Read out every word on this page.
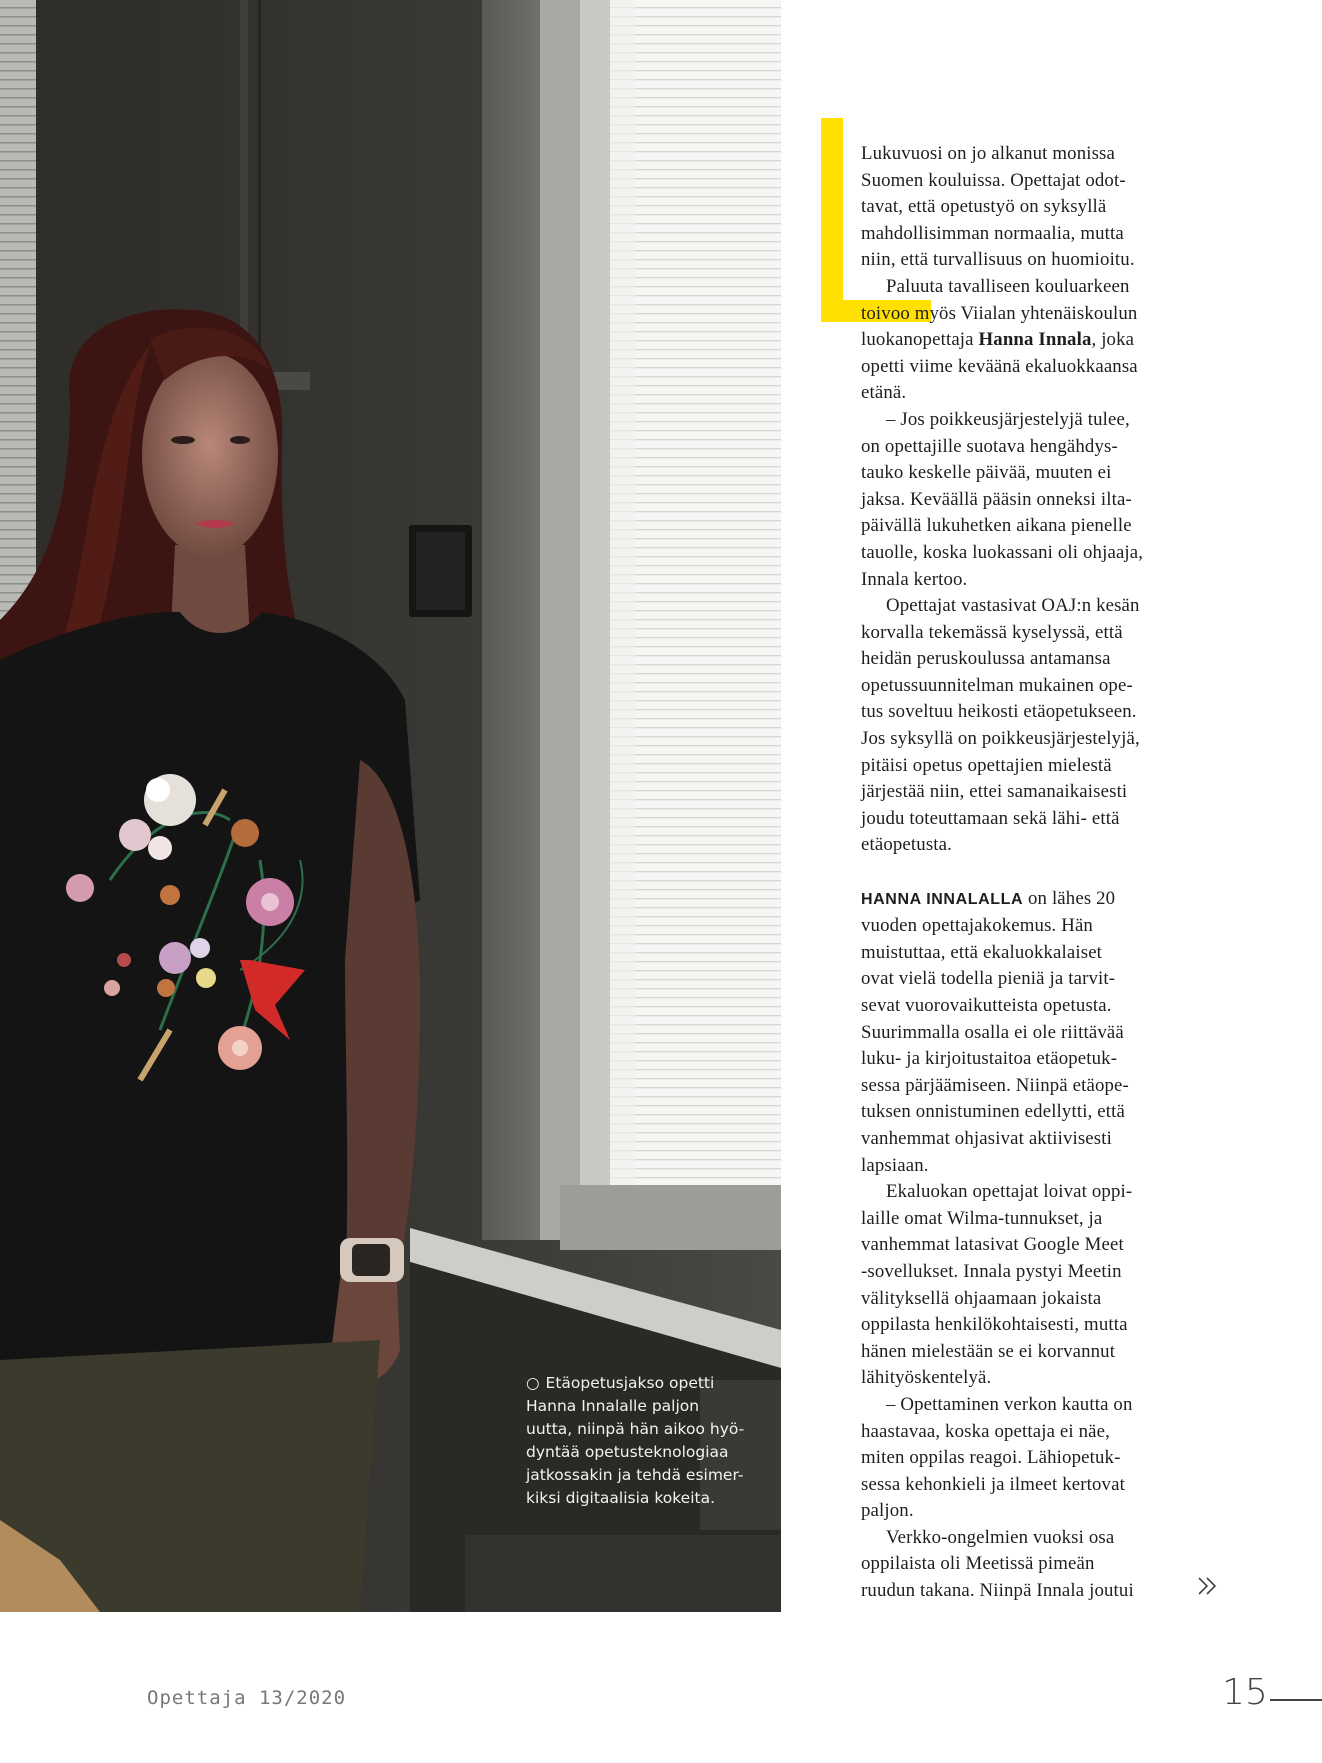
○ Etäopetusjakso opetti
Hanna Innalalle paljon
uutta, niinpä hän aikoo hyö-
dyntää opetusteknologiaa
jatkossakin ja tehdä esimer-
kiksi digitaalisia kokeita.

Lukuvuosi on jo alkanut monissa
Suomen kouluissa. Opettajat odot-
tavat, että opetustyö on syksyllä
mahdollisimman normaalia, mutta
niin, että turvallisuus on huomioitu.

Paluuta tavalliseen kouluarkeen
toivoo myös Viialan yhtenäiskoulun
luokanopettaja Hanna Innala, joka
opetti viime keväänä ekaluokkaansa
etänä.

– Jos poikkeusjärjestelyjä tulee,
on opettajille suotava hengähdys-
tauko keskelle päivää, muuten ei
jaksa. Keväällä pääsin onneksi ilta-
päivällä lukuhetken aikana pienelle
tauolle, koska luokassani oli ohjaaja,
Innala kertoo.

Opettajat vastasivat OAJ:n kesän
korvalla tekemässä kyselyssä, että
heidän peruskoulussa antamansa
opetussuunnitelman mukainen ope-
tus soveltuu heikosti etäopetukseen.
Jos syksyllä on poikkeusjärjestelyjä,
pitäisi opetus opettajien mielestä
järjestää niin, ettei samanaikaisesti
joudu toteuttamaan sekä lähi- että
etäopetusta.

HANNA INNALALLA on lähes 20
vuoden opettajakokemus. Hän
muistuttaa, että ekaluokkalaiset
ovat vielä todella pieniä ja tarvit-
sevat vuorovaikutteista opetusta.
Suurimmalla osalla ei ole riittävää
luku- ja kirjoitustaitoa etäopetuk-
sessa pärjäämiseen. Niinpä etäope-
tuksen onnistuminen edellytti, että
vanhemmat ohjasivat aktiivisesti
lapsiaan.

Ekaluokan opettajat loivat oppi-
laille omat Wilma-tunnukset, ja
vanhemmat latasivat Google Meet
-sovellukset. Innala pystyi Meetin
välityksellä ohjaamaan jokaista
oppilasta henkilökohtaisesti, mutta
hänen mielestään se ei korvannut
lähityöskentelyä.

– Opettaminen verkon kautta on
haastavaa, koska opettaja ei näe,
miten oppilas reagoi. Lähiopetuk-
sessa kehonkieli ja ilmeet kertovat
paljon.

Verkko-ongelmien vuoksi osa
oppilaista oli Meetissä pimeän
ruudun takana. Niinpä Innala joutui

Opettaja 13/2020	15
